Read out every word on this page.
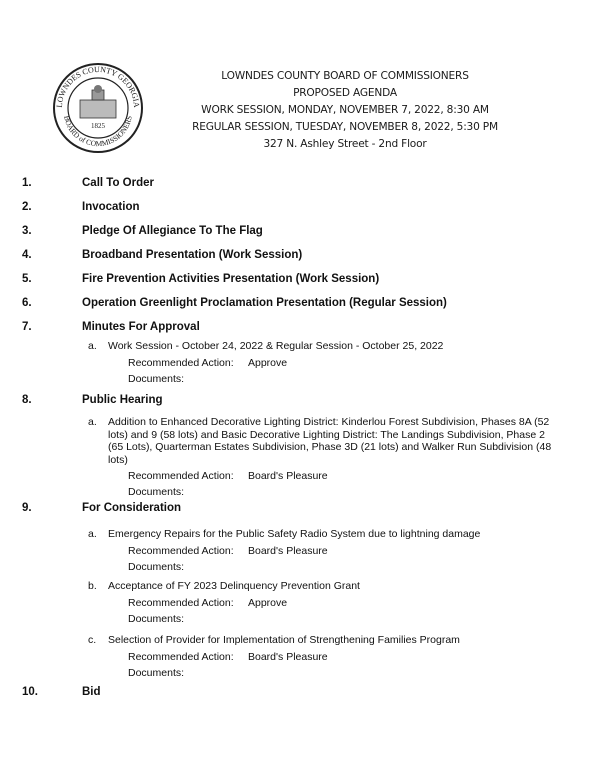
LOWNDES COUNTY GEORGIA
BOARD of COMMISSIONERS
1825
LOWNDES COUNTY BOARD OF COMMISSIONERS
PROPOSED AGENDA
WORK SESSION, MONDAY, NOVEMBER 7, 2022, 8:30 AM
REGULAR SESSION, TUESDAY, NOVEMBER 8, 2022, 5:30 PM
327 N. Ashley Street - 2nd Floor
1.	Call To Order
2.	Invocation
3.	Pledge Of Allegiance To The Flag
4.	Broadband Presentation (Work Session)
5.	Fire Prevention Activities Presentation (Work Session)
6.	Operation Greenlight Proclamation Presentation (Regular Session)
7.	Minutes For Approval
a. Work Session - October 24, 2022 & Regular Session - October 25, 2022
Recommended Action: Approve
Documents:
8.	Public Hearing
a. Addition to Enhanced Decorative Lighting District: Kinderlou Forest Subdivision, Phases 8A (52 lots) and 9 (58 lots) and Basic Decorative Lighting District: The Landings Subdivision, Phase 2 (65 Lots), Quarterman Estates Subdivision, Phase 3D (21 lots) and Walker Run Subdivision (48 lots)
Recommended Action: Board's Pleasure
Documents:
9.	For Consideration
a. Emergency Repairs for the Public Safety Radio System due to lightning damage
Recommended Action: Board's Pleasure
Documents:
b. Acceptance of FY 2023 Delinquency Prevention Grant
Recommended Action: Approve
Documents:
c. Selection of Provider for Implementation of Strengthening Families Program
Recommended Action: Board's Pleasure
Documents:
10.	Bid
